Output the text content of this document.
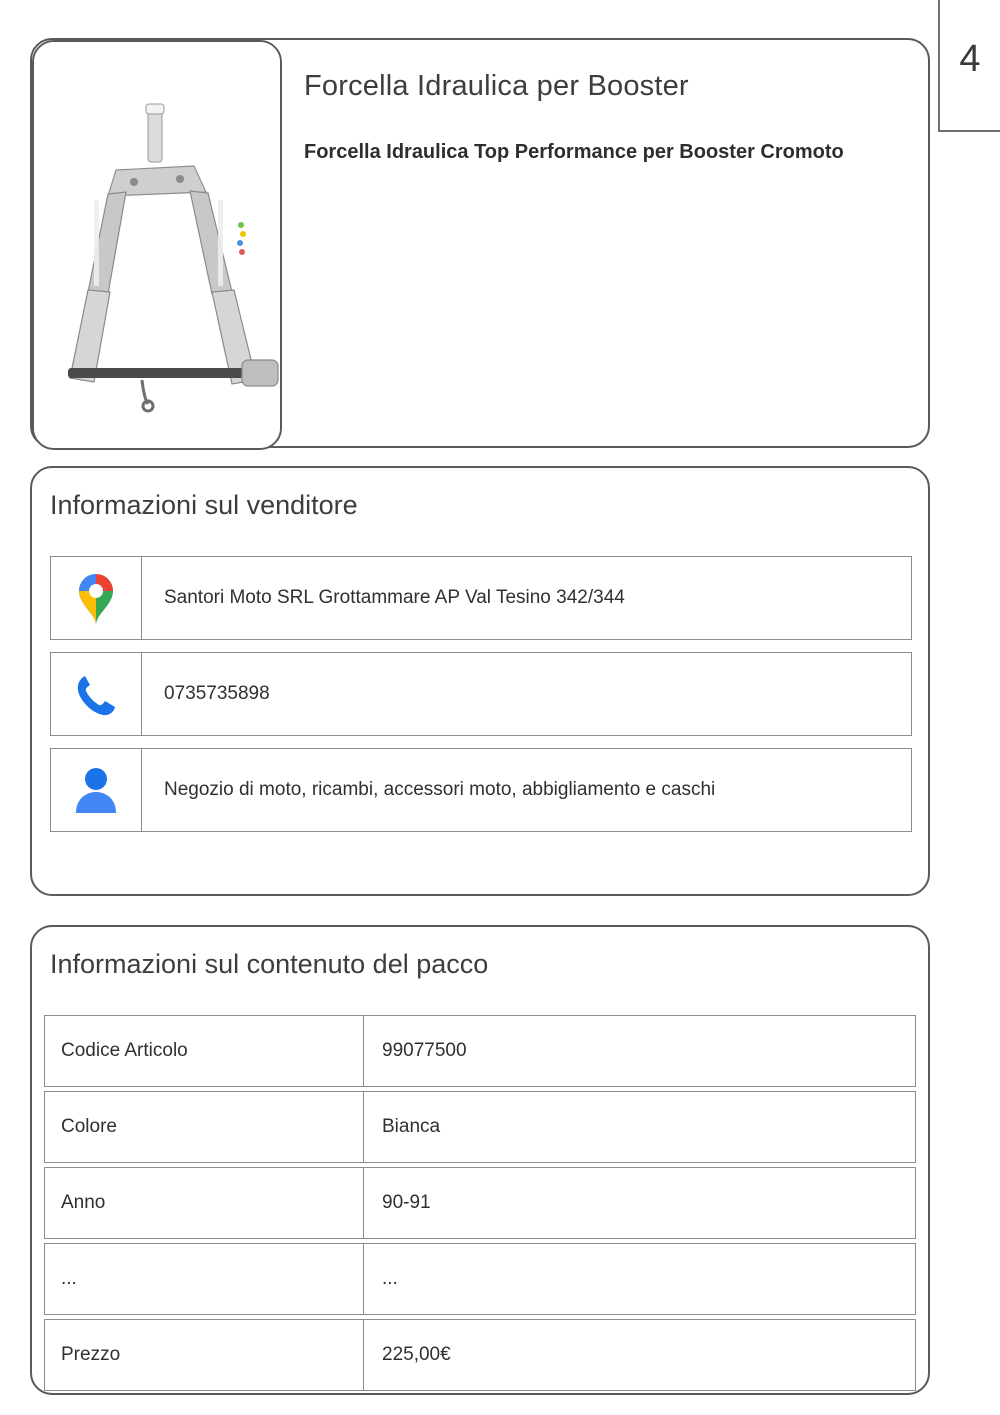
4
Forcella Idraulica per Booster
Forcella Idraulica Top Performance per Booster Cromoto
Informazioni sul venditore
Santori Moto SRL Grottammare AP Val Tesino 342/344
0735735898
Negozio di moto, ricambi, accessori moto, abbigliamento e caschi
Informazioni sul contenuto del pacco
Codice Articolo	99077500
Colore	Bianca
Anno	90-91
...	...
Prezzo	225,00€
